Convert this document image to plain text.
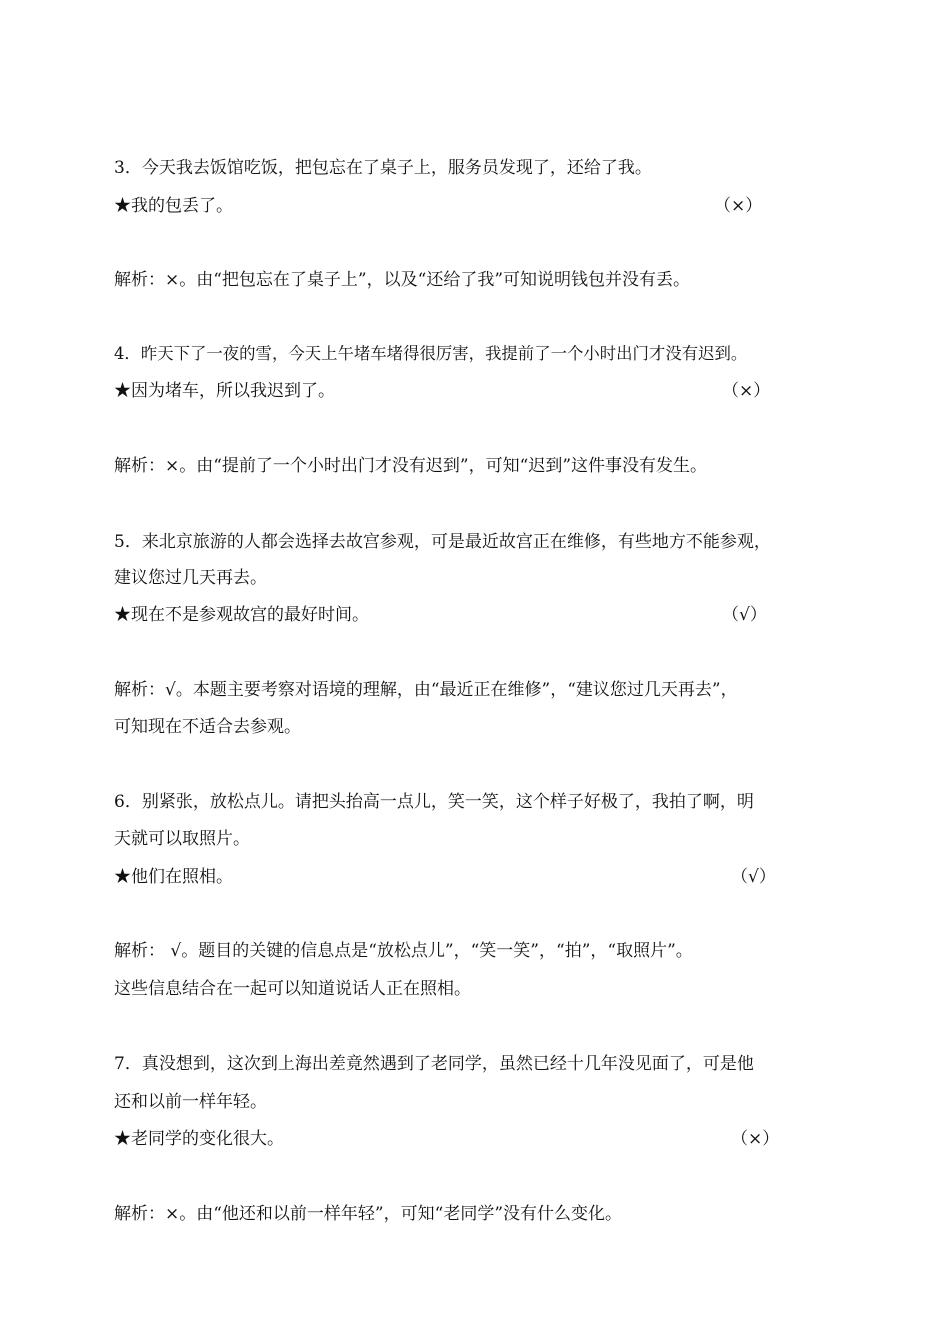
3．今天我去饭馆吃饭，把包忘在了桌子上，服务员发现了，还给了我。
★我的包丢了。	（×）
解析：×。由“把包忘在了桌子上”，以及“还给了我”可知说明钱包并没有丢。
4．昨天下了一夜的雪，今天上午堵车堵得很厉害，我提前了一个小时出门才没有迟到。
★因为堵车，所以我迟到了。	（×）
解析：×。由“提前了一个小时出门才没有迟到”，可知“迟到”这件事没有发生。
5．来北京旅游的人都会选择去故宫参观，可是最近故宫正在维修，有些地方不能参观，
建议您过几天再去。
★现在不是参观故宫的最好时间。	（√）
解析：√。本题主要考察对语境的理解，由“最近正在维修”，“建议您过几天再去”，
可知现在不适合去参观。
6．别紧张，放松点儿。请把头抬高一点儿，笑一笑，这个样子好极了，我拍了啊，明
天就可以取照片。
★他们在照相。	（√）
解析： √。题目的关键的信息点是“放松点儿”，“笑一笑”，“拍”，“取照片”。
这些信息结合在一起可以知道说话人正在照相。
7．真没想到，这次到上海出差竟然遇到了老同学，虽然已经十几年没见面了，可是他
还和以前一样年轻。
★老同学的变化很大。	（×）
解析：×。由“他还和以前一样年轻”，可知“老同学”没有什么变化。
